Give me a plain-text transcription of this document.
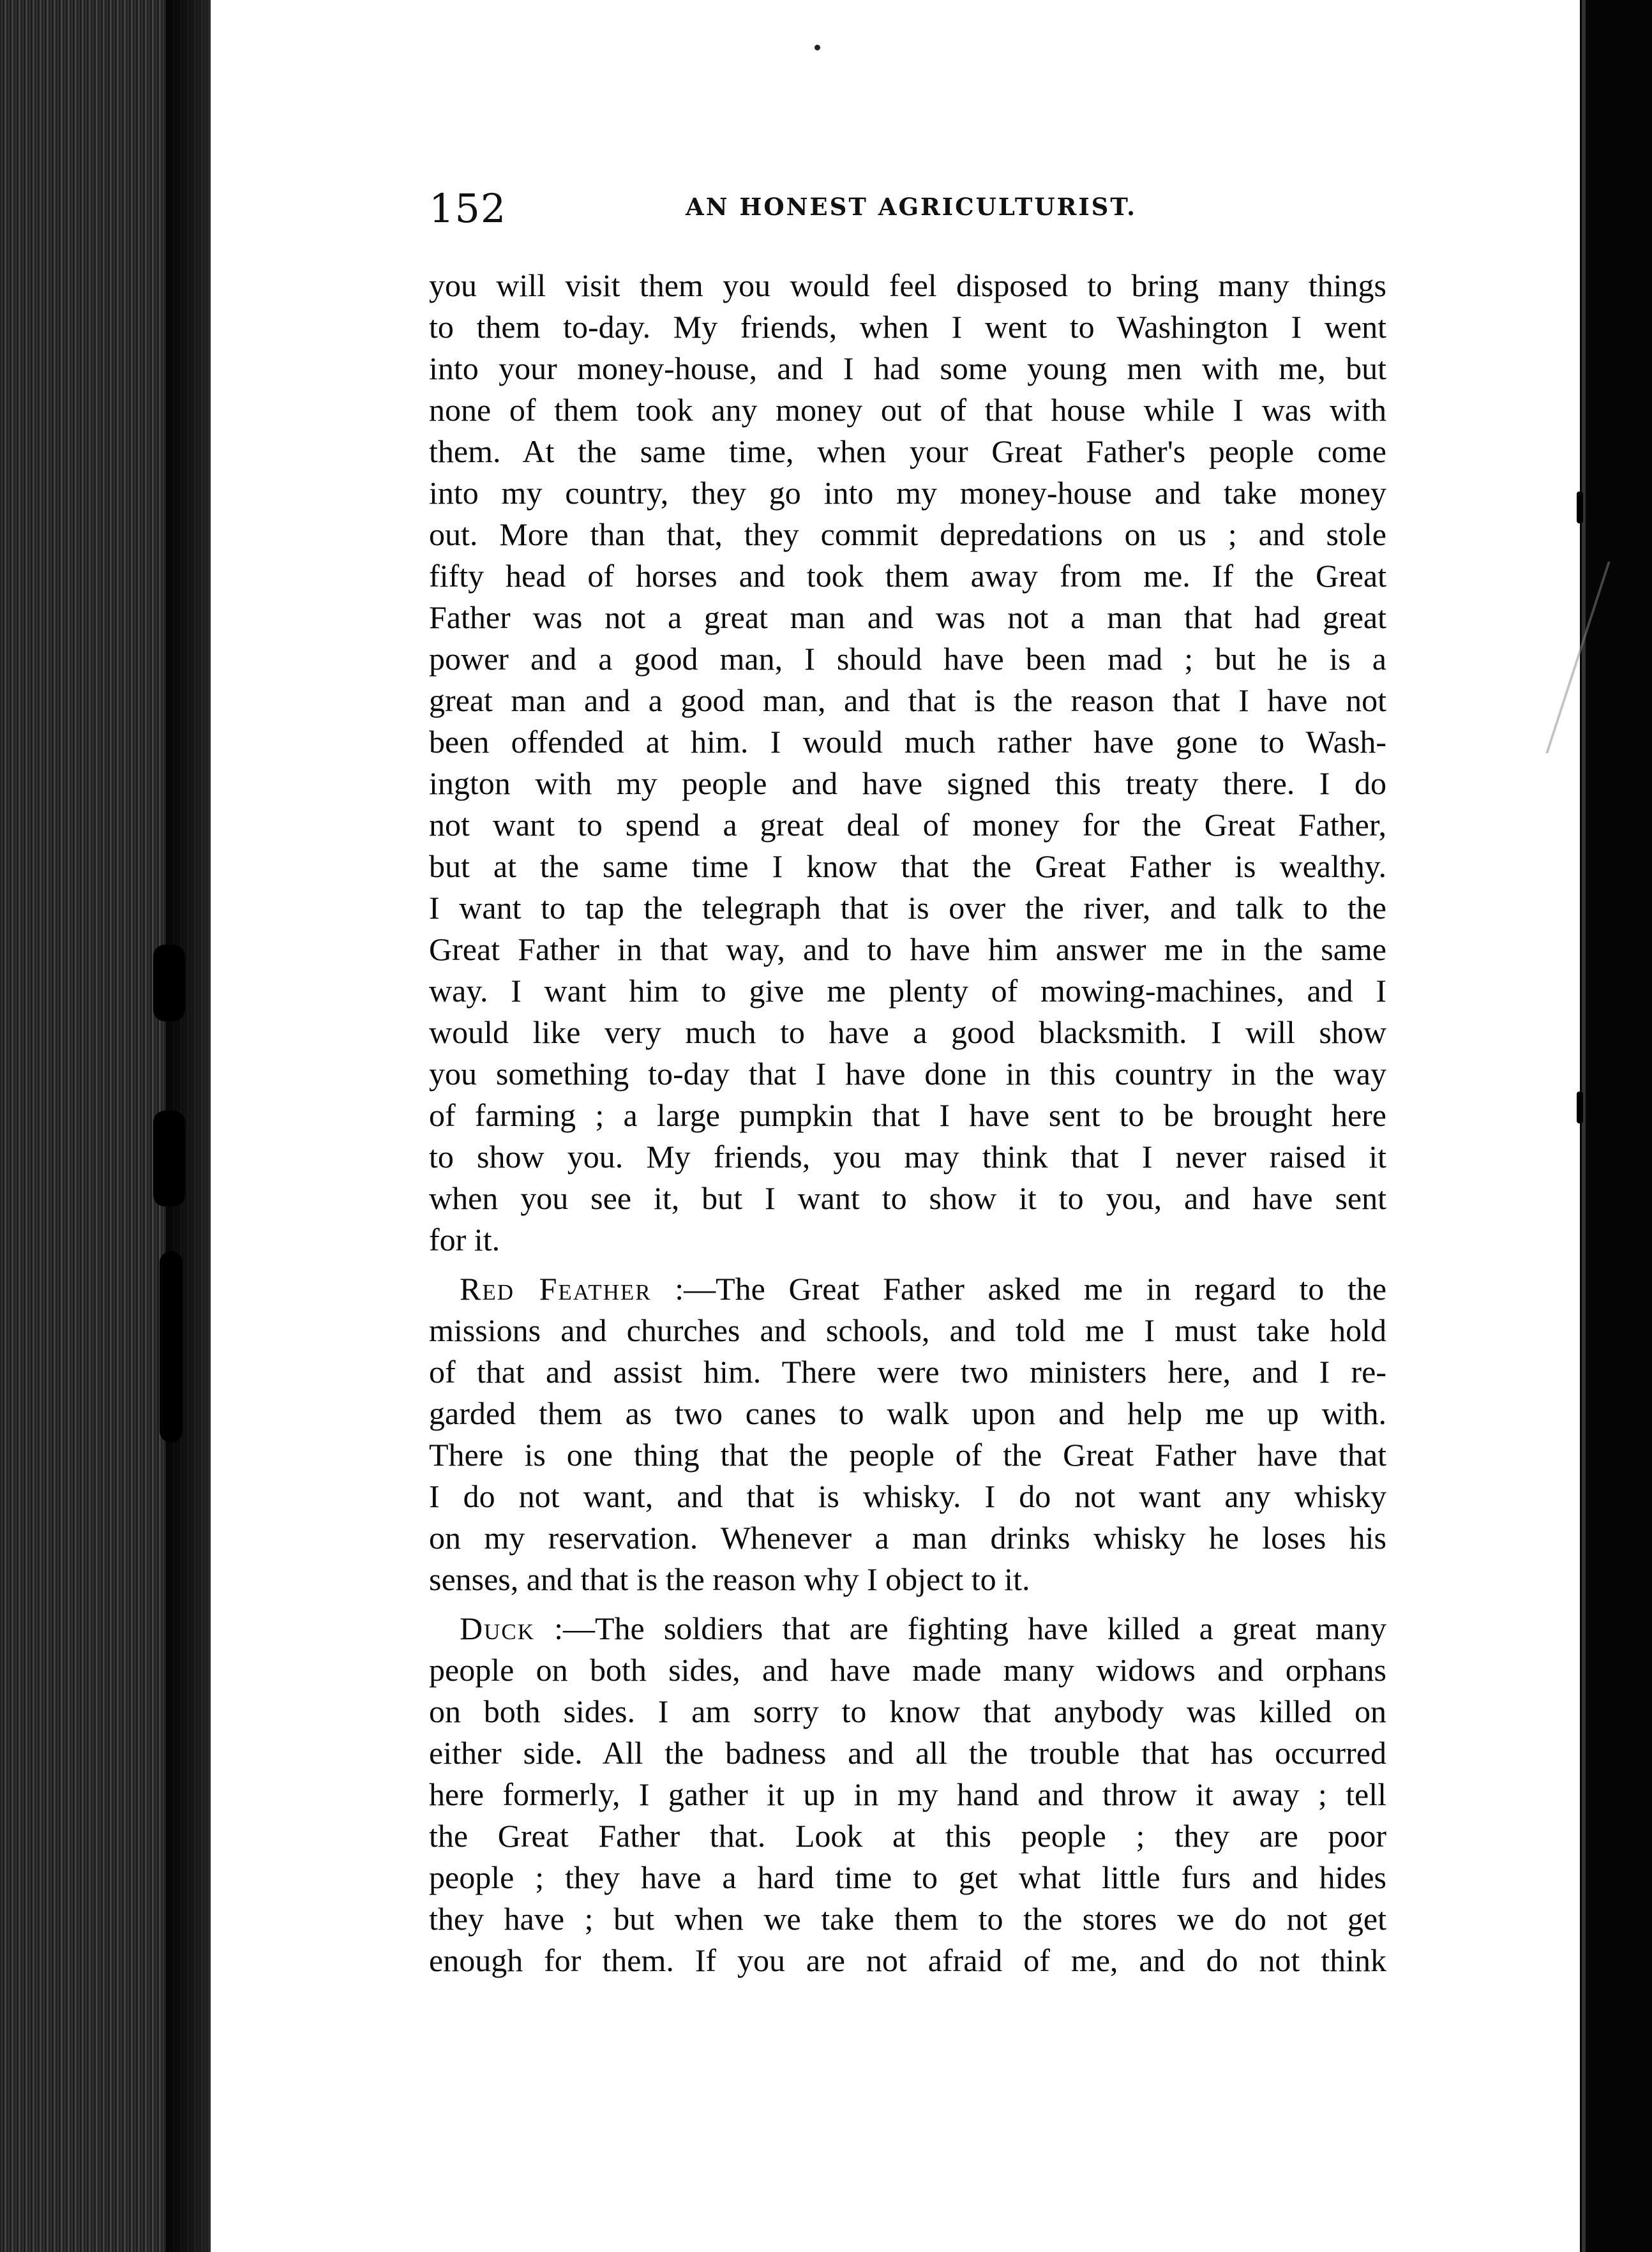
152	AN HONEST AGRICULTURIST.
you will visit them you would feel disposed to bring many things
to them to-day. My friends, when I went to Washington I went
into your money-house, and I had some young men with me, but
none of them took any money out of that house while I was with
them. At the same time, when your Great Father's people come
into my country, they go into my money-house and take money
out. More than that, they commit depredations on us ; and stole
fifty head of horses and took them away from me. If the Great
Father was not a great man and was not a man that had great
power and a good man, I should have been mad ; but he is a
great man and a good man, and that is the reason that I have not
been offended at him. I would much rather have gone to Wash-
ington with my people and have signed this treaty there. I do
not want to spend a great deal of money for the Great Father,
but at the same time I know that the Great Father is wealthy.
I want to tap the telegraph that is over the river, and talk to the
Great Father in that way, and to have him answer me in the same
way. I want him to give me plenty of mowing-machines, and I
would like very much to have a good blacksmith. I will show
you something to-day that I have done in this country in the way
of farming ; a large pumpkin that I have sent to be brought here
to show you. My friends, you may think that I never raised it
when you see it, but I want to show it to you, and have sent
for it.
Red Feather :—The Great Father asked me in regard to the
missions and churches and schools, and told me I must take hold
of that and assist him. There were two ministers here, and I re-
garded them as two canes to walk upon and help me up with.
There is one thing that the people of the Great Father have that
I do not want, and that is whisky. I do not want any whisky
on my reservation. Whenever a man drinks whisky he loses his
senses, and that is the reason why I object to it.
Duck :—The soldiers that are fighting have killed a great many
people on both sides, and have made many widows and orphans
on both sides. I am sorry to know that anybody was killed on
either side. All the badness and all the trouble that has occurred
here formerly, I gather it up in my hand and throw it away ; tell
the Great Father that. Look at this people ; they are poor
people ; they have a hard time to get what little furs and hides
they have ; but when we take them to the stores we do not get
enough for them. If you are not afraid of me, and do not think
